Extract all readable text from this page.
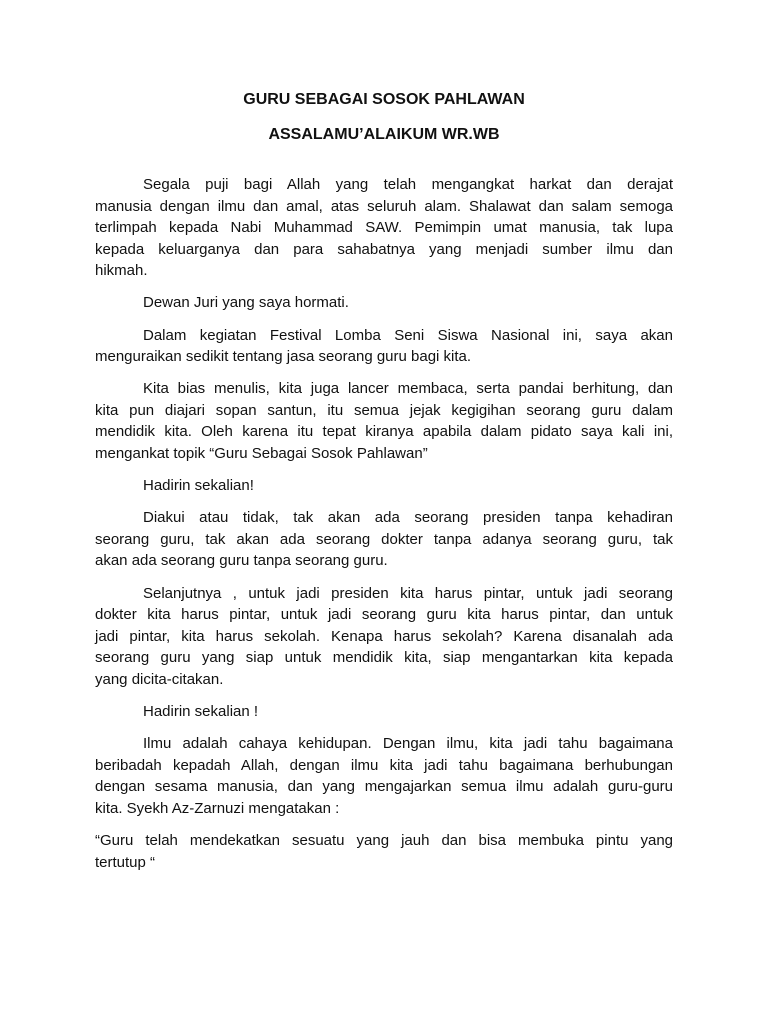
GURU SEBAGAI SOSOK PAHLAWAN
ASSALAMU’ALAIKUM WR.WB
Segala puji bagi Allah yang telah mengangkat harkat dan derajat
manusia dengan ilmu dan amal, atas seluruh alam. Shalawat dan salam semoga
terlimpah kepada Nabi Muhammad SAW. Pemimpin umat manusia, tak lupa
kepada keluarganya dan para sahabatnya yang menjadi sumber ilmu dan
hikmah.
Dewan Juri yang saya hormati.
Dalam kegiatan Festival Lomba Seni Siswa Nasional ini, saya akan
menguraikan sedikit tentang jasa seorang guru bagi kita.
Kita bias menulis, kita juga lancer membaca, serta pandai berhitung, dan
kita pun diajari sopan santun, itu semua jejak kegigihan seorang guru dalam
mendidik kita. Oleh karena itu tepat kiranya apabila dalam pidato saya kali ini,
mengankat topik “Guru Sebagai Sosok Pahlawan”
Hadirin sekalian!
Diakui atau tidak, tak akan ada seorang presiden tanpa kehadiran
seorang guru, tak akan ada seorang dokter tanpa adanya seorang guru, tak
akan ada seorang guru tanpa seorang guru.
Selanjutnya , untuk jadi presiden kita harus pintar, untuk jadi seorang
dokter kita harus pintar, untuk jadi seorang guru kita harus pintar, dan untuk
jadi pintar, kita harus sekolah. Kenapa harus sekolah? Karena disanalah ada
seorang guru yang siap untuk mendidik kita, siap mengantarkan kita kepada
yang dicita-citakan.
Hadirin sekalian !
Ilmu adalah cahaya kehidupan. Dengan ilmu, kita jadi tahu bagaimana
beribadah kepadah Allah, dengan ilmu kita jadi tahu bagaimana berhubungan
dengan sesama manusia, dan yang mengajarkan semua ilmu adalah guru-guru
kita. Syekh Az-Zarnuzi mengatakan :
“Guru telah mendekatkan sesuatu yang jauh dan bisa membuka pintu yang
tertutup “
